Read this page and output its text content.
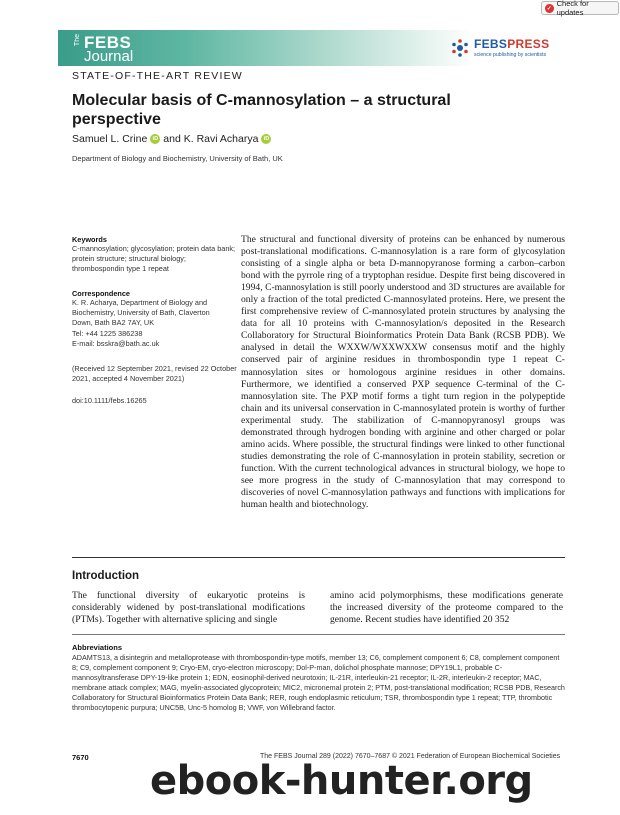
✓
Check for updates
The FEBS
Journal
FEBSPRESS
science publishing by scientists
STATE-OF-THE-ART REVIEW
Molecular basis of C-mannosylation – a structural perspective
Samuel L. Crine iD and K. Ravi Acharya iD
Department of Biology and Biochemistry, University of Bath, UK
Keywords
C-mannosylation; glycosylation; protein data bank; protein structure; structural biology; thrombospondin type 1 repeat
Correspondence
K. R. Acharya, Department of Biology and
Biochemistry, University of Bath, Claverton
Down, Bath BA2 7AY, UK
Tel: +44 1225 386238
E-mail: bsskra@bath.ac.uk
(Received 12 September 2021, revised 22 October 2021, accepted 4 November 2021)
doi:10.1111/febs.16265
The structural and functional diversity of proteins can be enhanced by numerous post-translational modifications. C-mannosylation is a rare form of glycosylation consisting of a single alpha or beta D-mannopyranose forming a carbon–carbon bond with the pyrrole ring of a tryptophan residue. Despite first being discovered in 1994, C-mannosylation is still poorly understood and 3D structures are available for only a fraction of the total predicted C-mannosylated proteins. Here, we present the first comprehensive review of C-mannosylated protein structures by analysing the data for all 10 proteins with C-mannosylation/s deposited in the Research Collaboratory for Structural Bioinformatics Protein Data Bank (RCSB PDB). We analysed in detail the WXXW/WXXWXXW consensus motif and the highly conserved pair of arginine residues in thrombospondin type 1 repeat C-mannosylation sites or homologous arginine residues in other domains. Furthermore, we identified a conserved PXP sequence C-terminal of the C-mannosylation site. The PXP motif forms a tight turn region in the polypeptide chain and its universal conservation in C-mannosylated protein is worthy of further experimental study. The stabilization of C-mannopyranosyl groups was demonstrated through hydrogen bonding with arginine and other charged or polar amino acids. Where possible, the structural findings were linked to other functional studies demonstrating the role of C-mannosylation in protein stability, secretion or function. With the current technological advances in structural biology, we hope to see more progress in the study of C-mannosylation that may correspond to discoveries of novel C-mannosylation pathways and functions with implications for human health and biotechnology.
Introduction
The functional diversity of eukaryotic proteins is considerably widened by post-translational modifications (PTMs). Together with alternative splicing and single
amino acid polymorphisms, these modifications generate the increased diversity of the proteome compared to the genome. Recent studies have identified 20 352
Abbreviations
ADAMTS13, a disintegrin and metalloprotease with thrombospondin-type motifs, member 13; C6, complement component 6; C8, complement component 8; C9, complement component 9; Cryo-EM, cryo-electron microscopy; Dol-P-man, dolichol phosphate mannose; DPY19L1, probable C-mannosyltransferase DPY-19-like protein 1; EDN, eosinophil-derived neurotoxin; IL-21R, interleukin-21 receptor; IL-2R, interleukin-2 receptor; MAC, membrane attack complex; MAG, myelin-associated glycoprotein; MIC2, micronemal protein 2; PTM, post-translational modification; RCSB PDB, Research Collaboratory for Structural Bioinformatics Protein Data Bank; RER, rough endoplasmic reticulum; TSR, thrombospondin type 1 repeat; TTP, thrombotic thrombocytopenic purpura; UNC5B, Unc-5 homolog B; VWF, von Willebrand factor.
7670	The FEBS Journal 289 (2022) 7670–7687 © 2021 Federation of European Biochemical Societies
ebook-hunter.org
